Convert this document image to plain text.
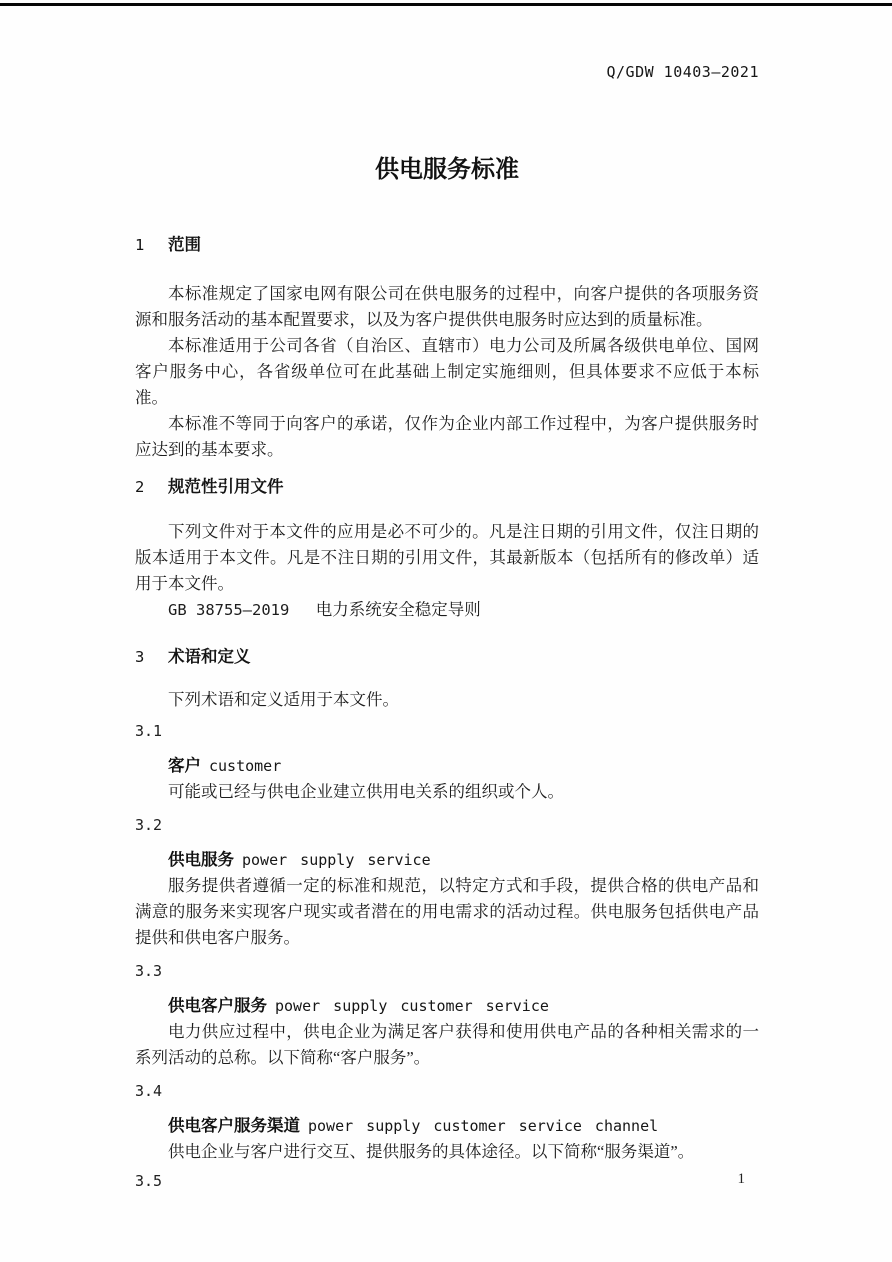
Q/GDW 10403—2021
供电服务标准
1 范围

本标准规定了国家电网有限公司在供电服务的过程中，向客户提供的各项服务资源和服务活动的基本配置要求，以及为客户提供供电服务时应达到的质量标准。

本标准适用于公司各省（自治区、直辖市）电力公司及所属各级供电单位、国网客户服务中心，各省级单位可在此基础上制定实施细则，但具体要求不应低于本标准。

本标准不等同于向客户的承诺，仅作为企业内部工作过程中，为客户提供服务时应达到的基本要求。

2 规范性引用文件

下列文件对于本文件的应用是必不可少的。凡是注日期的引用文件，仅注日期的版本适用于本文件。凡是不注日期的引用文件，其最新版本（包括所有的修改单）适用于本文件。

GB 38755—2019 电力系统安全稳定导则

3 术语和定义

下列术语和定义适用于本文件。

3.1

客户 customer

可能或已经与供电企业建立供用电关系的组织或个人。

3.2

供电服务 power supply service

服务提供者遵循一定的标准和规范，以特定方式和手段，提供合格的供电产品和满意的服务来实现客户现实或者潜在的用电需求的活动过程。供电服务包括供电产品提供和供电客户服务。

3.3

供电客户服务 power supply customer service

电力供应过程中，供电企业为满足客户获得和使用供电产品的各种相关需求的一系列活动的总称。以下简称“客户服务”。

3.4

供电客户服务渠道 power supply customer service channel

供电企业与客户进行交互、提供服务的具体途径。以下简称“服务渠道”。

3.5	1
